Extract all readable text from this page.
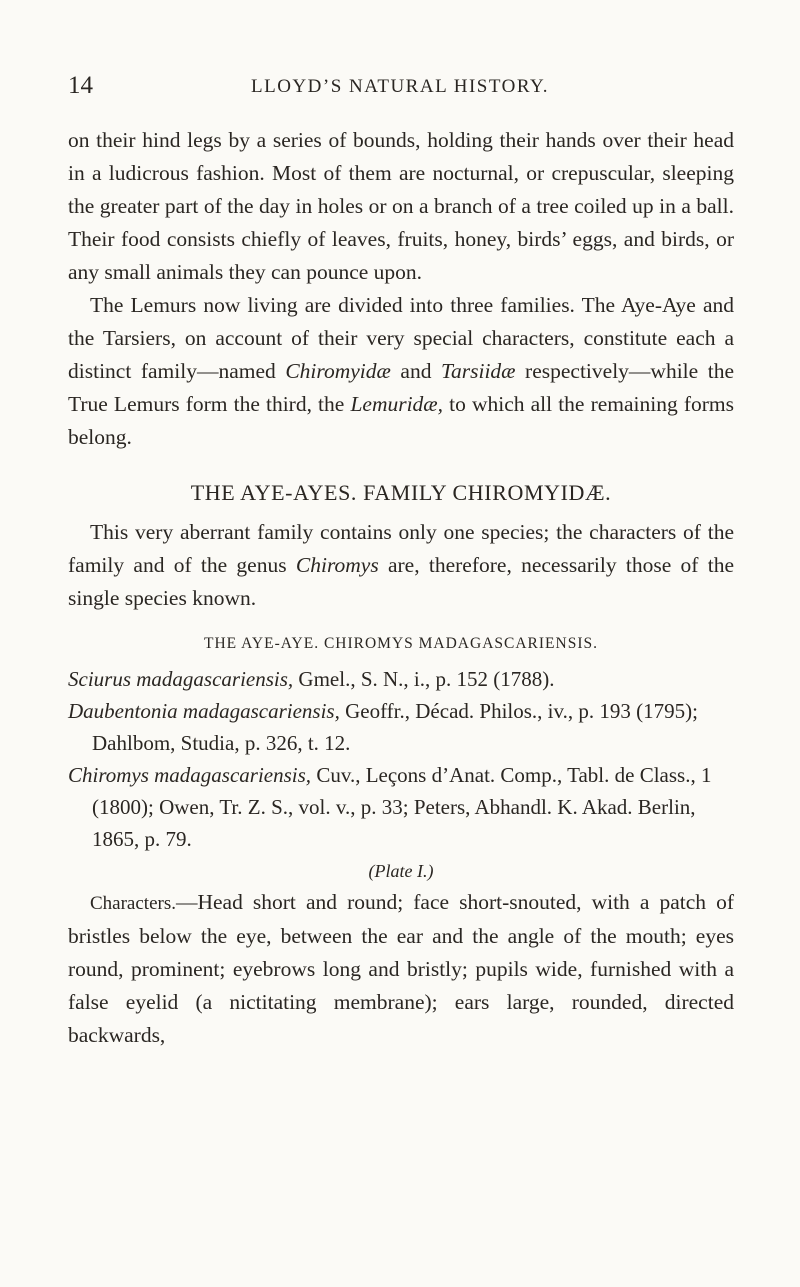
14	LLOYD’S NATURAL HISTORY.

on their hind legs by a series of bounds, holding their hands over their head in a ludicrous fashion. Most of them are nocturnal, or crepuscular, sleeping the greater part of the day in holes or on a branch of a tree coiled up in a ball. Their food consists chiefly of leaves, fruits, honey, birds’ eggs, and birds, or any small animals they can pounce upon.

The Lemurs now living are divided into three families. The Aye-Aye and the Tarsiers, on account of their very special characters, constitute each a distinct family—named Chiromyidæ and Tarsiidæ respectively—while the True Lemurs form the third, the Lemuridæ, to which all the remaining forms belong.

THE AYE-AYES. FAMILY CHIROMYIDÆ.

This very aberrant family contains only one species; the characters of the family and of the genus Chiromys are, therefore, necessarily those of the single species known.

THE AYE-AYE. CHIROMYS MADAGASCARIENSIS.

Sciurus madagascariensis, Gmel., S. N., i., p. 152 (1788).

Daubentonia madagascariensis, Geoffr., Décad. Philos., iv., p. 193 (1795); Dahlbom, Studia, p. 326, t. 12.

Chiromys madagascariensis, Cuv., Leçons d’Anat. Comp., Tabl. de Class., 1 (1800); Owen, Tr. Z. S., vol. v., p. 33; Peters, Abhandl. K. Akad. Berlin, 1865, p. 79.

(Plate I.)

Characters.—Head short and round; face short-snouted, with a patch of bristles below the eye, between the ear and the angle of the mouth; eyes round, prominent; eyebrows long and bristly; pupils wide, furnished with a false eyelid (a nictitating membrane); ears large, rounded, directed backwards,
